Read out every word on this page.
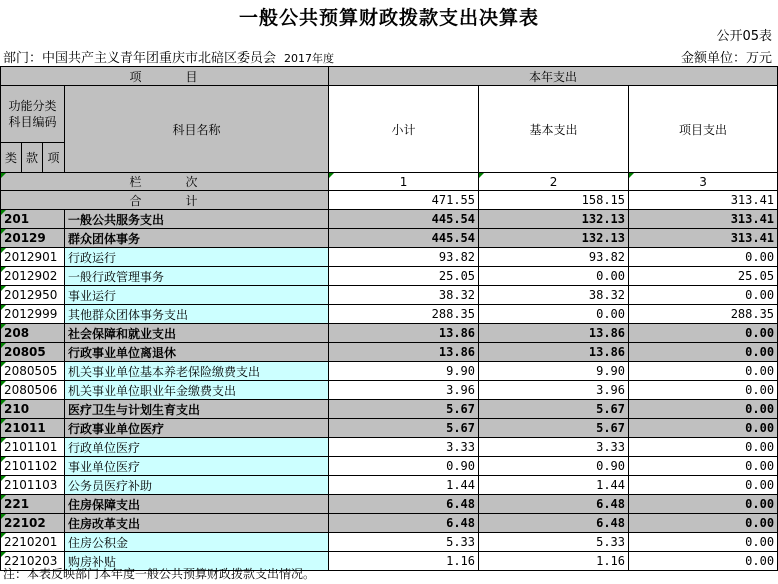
一般公共预算财政拨款支出决算表
公开05表
部门：中国共产主义青年团重庆市北碚区委员会 2017年度	金额单位：万元
项　　　目				本年支出		
功能分类科目编码			科目名称	小计	基本支出	项目支出
类	款	项				
栏　　　次				1	2	3
合　　　计				471.55	158.15	313.41
201			一般公共服务支出	445.54	132.13	313.41
20129			群众团体事务	445.54	132.13	313.41
2012901			行政运行	93.82	93.82	0.00
2012902			一般行政管理事务	25.05	0.00	25.05
2012950			事业运行	38.32	38.32	0.00
2012999			其他群众团体事务支出	288.35	0.00	288.35
208			社会保障和就业支出	13.86	13.86	0.00
20805			行政事业单位离退休	13.86	13.86	0.00
2080505			机关事业单位基本养老保险缴费支出	9.90	9.90	0.00
2080506			机关事业单位职业年金缴费支出	3.96	3.96	0.00
210			医疗卫生与计划生育支出	5.67	5.67	0.00
21011			行政事业单位医疗	5.67	5.67	0.00
2101101			行政单位医疗	3.33	3.33	0.00
2101102			事业单位医疗	0.90	0.90	0.00
2101103			公务员医疗补助	1.44	1.44	0.00
221			住房保障支出	6.48	6.48	0.00
22102			住房改革支出	6.48	6.48	0.00
2210201			住房公积金	5.33	5.33	0.00
2210203			购房补贴	1.16	1.16	0.00
注：本表反映部门本年度一般公共预算财政拨款支出情况。
